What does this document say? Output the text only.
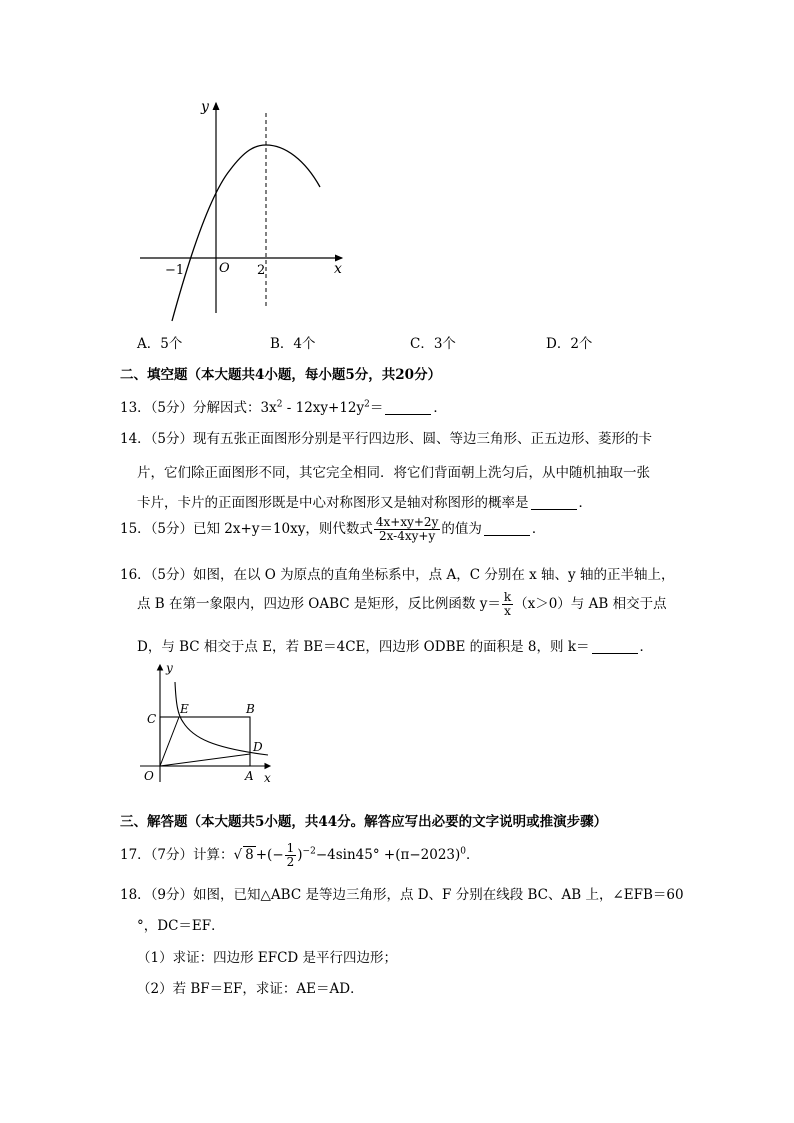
y
x
O
−1	2
A．5个	B．4个	C．3个	D．2个
二、填空题（本大题共4小题，每小题5分，共20分）
13．（5分）分解因式：$3x^2 - 12xy+12y^2=$	．
14．（5分）现有五张正面图形分别是平行四边形、圆、等边三角形、正五边形、菱形的卡
片，它们除正面图形不同，其它完全相同．将它们背面朝上洗匀后，从中随机抽取一张
卡片，卡片的正面图形既是中心对称图形又是轴对称图形的概率是	．
15．（5分）已知 2x+y＝10xy，则代数式 $\frac{4x+xy+2y}{2x-4xy+y}$ 的值为	．
16．（5分）如图，在以 O 为原点的直角坐标系中，点 A，C 分别在 x 轴、y 轴的正半轴上，
点 B 在第一象限内，四边形 OABC 是矩形，反比例函数 $y= \frac{k}{x} (x>0)$与 AB 相交于点
D，与 BC 相交于点 E，若 BE＝4CE，四边形 ODBE 的面积是 8，则 k＝	．
y
x
O	A
B
C
D
E
三、解答题（本大题共5小题，共44分。解答应写出必要的文字说明或推演步骤）
17．（7分）计算：√ 8 +(− $\frac{1}{2} )^{-2}-4\sin 45^\circ +(\pi-2023)^0$．
18．（9分）如图，已知△ABC 是等边三角形，点 D、F 分别在线段 BC、AB 上，∠EFB＝60
°，DC＝EF．
（1）求证：四边形 EFCD 是平行四边形；
（2）若 BF＝EF，求证：AE＝AD．
